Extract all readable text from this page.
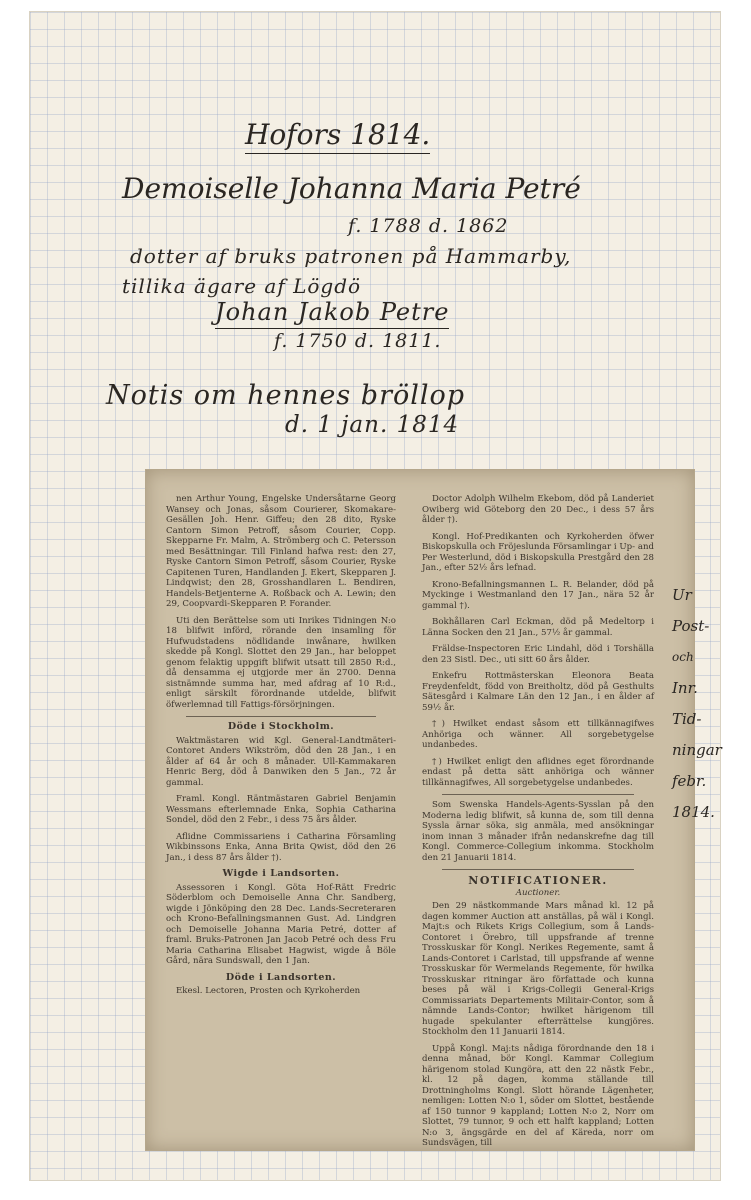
Hofors 1814.
Demoiselle Johanna Maria Petré
f. 1788 d. 1862
dotter af bruks patronen på Hammarby,
tillika ägare af Lögdö
Johan Jakob Petre
f. 1750 d. 1811.
Notis om hennes bröllop
d. 1 jan. 1814

nen Arthur Young, Engelske Undersåtarne Georg Wansey och Jonas, såsom Courierer, Skomakare-Gesällen Joh. Henr. Giffeu; den 28 dito, Ryske Cantorn Simon Petroff, såsom Courier, Copp. Skepparne Fr. Malm, A. Strömberg och C. Petersson med Besättningar. Till Finland hafwa rest: den 27, Ryske Cantorn Simon Petroff, såsom Courier, Ryske Capitenen Turen, Handlanden J. Ekert, Skepparen J. Lindqwist; den 28, Grosshandlaren L. Bendiren, Handels-Betjenterne A. Roßback och A. Lewin; den 29, Coopvardi-Skepparen P. Forander.

Uti den Berättelse som uti Inrikes Tidningen N:o 18 blifwit införd, rörande den insamling för Hufwudstadens nödlidande inwånare, hwilken skedde på Kongl. Slottet den 29 Jan., har beloppet genom felaktig uppgift blifwit utsatt till 2850 R:d., då densamma ej utgjorde mer än 2700. Denna sistnämnde summa har, med afdrag af 10 R:d., enligt särskilt förordnande utdelde, blifwit öfwerlemnad till Fattigs-försörjningen.

Döde i Stockholm.

Waktmästaren wid Kgl. General-Landtmäteri-Contoret Anders Wikström, död den 28 Jan., i en ålder af 64 år och 8 månader. Ull-Kammakaren Henric Berg, död å Danwiken den 5 Jan., 72 år gammal.

Framl. Kongl. Räntmästaren Gabriel Benjamin Wessmans efterlemnade Enka, Sophia Catharina Sondel, död den 2 Febr., i dess 75 års ålder.

Aflidne Commissariens i Catharina Församling Wikbinssons Enka, Anna Brita Qwist, död den 26 Jan., i dess 87 års ålder †).

Wigde i Landsorten.

Assessoren i Kongl. Göta Hof-Rätt Fredric Söderblom och Demoiselle Anna Chr. Sandberg, wigde i Jönköping den 28 Dec. Lands-Secreteraren och Krono-Befallningsmannen Gust. Ad. Lindgren och Demoiselle Johanna Maria Petré, dotter af framl. Bruks-Patronen Jan Jacob Petré och dess Fru Maria Catharina Elisabet Hagwist, wigde å Böle Gård, nära Sundswall, den 1 Jan.

Döde i Landsorten.

Ekesl. Lectoren, Prosten och Kyrkoherden

Doctor Adolph Wilhelm Ekebom, död på Landeriet Owiberg wid Göteborg den 20 Dec., i dess 57 års ålder †).

Kongl. Hof-Predikanten och Kyrkoherden öfwer Biskopskulla och Fröjeslunda Församlingar i Up- and Per Westerlund, död i Biskopskulla Prestgård den 28 Jan., efter 52½ års lefnad.

Krono-Befallningsmannen L. R. Belander, död på Myckinge i Westmanland den 17 Jan., nära 52 år gammal †).

Bokhållaren Carl Eckman, död på Medeltorp i Länna Socken den 21 Jan., 57½ år gammal.

Fräldse-Inspectoren Eric Lindahl, död i Torshälla den 23 Sistl. Dec., uti sitt 60 års ålder.

Enkefru Rottmästerskan Eleonora Beata Freydenfeldt, född von Breitholtz, död på Gesthults Sätesgård i Kalmare Län den 12 Jan., i en ålder af 59½ år.

†) Hwilket endast såsom ett tillkännagifwes Anhöriga och wänner. All sorgebetygelse undanbedes.

†) Hwilket enligt den aflidnes eget förordnande endast på detta sätt anhöriga och wänner tillkännagifwes, All sorgebetygelse undanbedes.

Som Swenska Handels-Agents-Sysslan på den Moderna ledig blifwit, så kunna de, som till denna Syssla ärnar söka, sig anmäla, med ansökningar inom innan 3 månader ifrån nedanskrefne dag till Kongl. Commerce-Collegium inkomma. Stockholm den 21 Januarii 1814.

NOTIFICATIONER.
Auctioner.

Den 29 nästkommande Mars månad kl. 12 på dagen kommer Auction att anställas, på wäl i Kongl. Majt:s och Rikets Krigs Collegium, som å Lands-Contoret i Örebro, till uppsfrande af trenne Trosskuskar för Kongl. Nerikes Regemente, samt å Lands-Contoret i Carlstad, till uppsfrande af wenne Trosskuskar för Wermelands Regemente, för hwilka Trosskuskar ritningar äro författade och kunna beses på wäl i Krigs-Collegii General-Krigs Commissariats Departements Militair-Contor, som å nämnde Lands-Contor; hwilket härigenom till hugade spekulanter efterrättelse kungjöres. Stockholm den 11 Januarii 1814.

Uppå Kongl. Maj:ts nådiga förordnande den 18 i denna månad, bör Kongl. Kammar Collegium härigenom stolad Kungöra, att den 22 nästk Febr., kl. 12 på dagen, komma ställande till Drottningholms Kongl. Slott hörande Lägenheter, nemligen: Lotten N:o 1, söder om Slottet, bestående af 150 tunnor 9 kappland; Lotten N:o 2, Norr om Slottet, 79 tunnor, 9 och ett halft kappland; Lotten N:o 3, ängsgärde en del af Käreda, norr om Sundsvägen, till

Ur
Post-
och
Inr.
Tid-
ningar
febr.
1814.
